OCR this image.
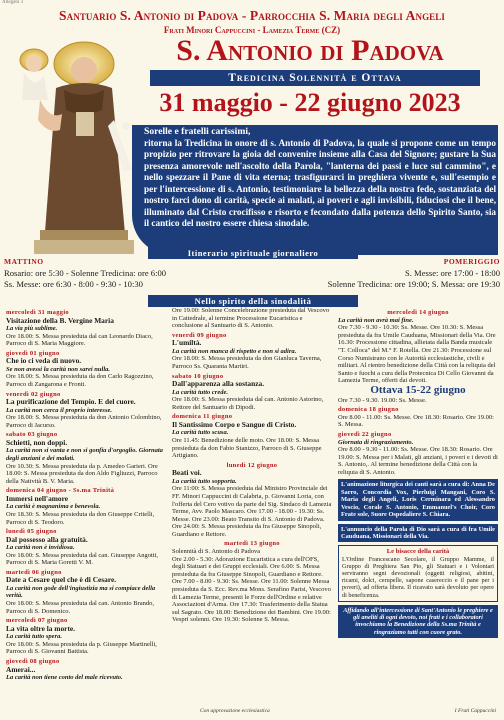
Allegato 3
Santuario S. Antonio di Padova - Parrocchia S. Maria degli Angeli
Frati Minori Cappuccini - Lamezia Terme (CZ)
S. Antonio di Padova
Tredicina Solennità e Ottava
31 maggio - 22 giugno 2023
Sorelle e fratelli carissimi,
ritorna la Tredicina in onore di s. Antonio di Padova, la quale si propone come un tempo propizio per ritrovare la gioia del convenire insieme alla Casa del Signore; gustare la Sua presenza amorevole nell'ascolto della Parola, "lanterna dei passi e luce sul cammino", e nello spezzare il Pane di vita eterna; trasfigurarci in preghiera vivente e, sull'esempio e per l'intercessione di s. Antonio, testimoniare la bellezza della nostra fede, sostanziata del nostro farci dono di carità, specie ai malati, ai poveri e agli invisibili, fiduciosi che il bene, illuminato dal Cristo crocifisso e risorto e fecondato dalla potenza dello Spirito Santo, sia il cantico del nostro essere chiesa sinodale.
Itinerario spirituale giornaliero
MATTINO	POMERIGGIO
Rosario: ore 5:30 - Solenne Tredicina: ore 6:00	S. Messe: ore 17:00 - 18:00
Ss. Messe: ore 6:30 - 8:00 - 9:30 - 10:30	Solenne Tredicina: ore 19:00; S. Messa: ore 19:30
Nello spirito della sinodalità
mercoledì 31 maggio
Visitazione della B. Vergine Maria
La via più sublime.
Ore 18.00: S. Messa presieduta dal can Leonardo Diaco, Parroco di S. Maria Maggiore.
giovedì 01 giugno
Che io ci veda di nuovo.
Se non avessi la carità non sarei nulla.
Ore 18.00: S. Messa presieduta da don Carlo Ragozzino, Parroco di Zangarona e Fronti.
venerdì 02 giugno
La purificazione del Tempio. E del cuore.
La carità non cerca il proprio interesse.
Ore 18.00: S. Messa presieduta da don Antonio Colombino, Parroco di Jacurso.
sabato 03 giugno
Schietti, non doppi.
La carità non si vanta e non si gonfia d'orgoglio. Giornata degli anziani e dei malati.
Ore 10.30: S. Messa presieduta da p. Amedeo Garieri. Ore 18.00: S. Messa presieduta da don Aldo Figliuzzi, Parroco della Natività B. V. Maria.
domenica 04 giugno - Ss.ma Trinità
Immersi nell'amore
La carità è magnanima e benevola.
Ore 18.30: S. Messa presieduta da don Giuseppe Critelli, Parroco di S. Teodoro.
lunedì 05 giugno
Dal possesso alla gratuità.
La carità non è invidiosa.
Ore 18.00: S. Messa presieduta dal can. Giuseppe Angotti, Parroco di S. Maria Goretti V. M.
martedì 06 giugno
Date a Cesare quel che è di Cesare.
La carità non gode dell'ingiustizia ma si compiace della verità.
Ore 18.00: S. Messa presieduta dal can. Antonio Brando, Parroco di S. Domenico.
mercoledì 07 giugno
La vita oltre la morte.
La carità tutto spera.
Ore 18.00: S. Messa presieduta da p. Giuseppe Martinelli, Parroco di S. Giovanni Battista.
giovedì 08 giugno
Amerai...
La carità non tiene conto del male ricevuto.
Ore 19.00: Solenne Concelebrazione presieduta dal Vescovo in Cattedrale, al termine Processione Eucaristica e conclusione al Santuario di S. Antonio.
venerdì 09 giugno
L'umiltà.
La carità non manca di rispetto e non si adira.
Ore 18.00: S. Messa presieduta da don Gianluca Taverna, Parroco Ss. Quaranta Martiri.
sabato 10 giugno
Dall'apparenza alla sostanza.
La carità tutto crede.
Ore 18.00: S. Messa presieduta dal can. Antonio Astorino, Rettore del Santuario di Dipodi.
domenica 11 giugno
Il Santissimo Corpo e Sangue di Cristo.
La carità tutto scusa.
Ore 11.45: Benedizione delle moto. Ore 18.00: S. Messa presieduta da don Fabio Stanizzo, Parroco di S. Giuseppe Artigiano.
lunedì 12 giugno
Beati voi.
La carità tutto sopporta.
Ore 11:00: S. Messa presieduta dal Ministro Provinciale dei FF. Minori Cappuccini di Calabria, p. Giovanni Loria, con l'offerta del Cero votivo da parte del Sig. Sindaco di Lamezia Terme, Avv. Paolo Mascaro. Ore 17.00 - 18.00 - 19.30: Ss. Messe. Ore 23.00: Beato Transito di S. Antonio di Padova. Ore 24.00: S. Messa presieduta da fra Giuseppe Sinopoli, Guardiano e Rettore.
martedì 13 giugno
Solennità di S. Antonio di Padova
Ore 2.00 - 5.30: Adorazione Eucaristica a cura dell'OFS, degli Statuari e dei Gruppi ecclesiali. Ore 6.00: S. Messa presieduta da fra Giuseppe Sinopoli, Guardiano e Rettore. Ore 7.00 - 8.00 - 9.30: Ss. Messe. Ore 11.00: Solenne Messa presieduta da S. Ecc. Rev.ma Mons. Serafino Parisi, Vescovo di Lamezia Terme, presenti le Forze dell'Ordine e relative Associazioni d'Arma. Ore 17.30: Trasferimento della Statua sul Sagrato. Ore 18.00: Benedizione dei Bambini. Ore 19.00: Vespri solenni. Ore 19.30: Solenne S. Messa.
mercoledì 14 giugno
La carità non avrà mai fine.
Ore 7.30 - 9.30 - 10.30: Ss. Messe. Ore 10.30: S. Messa presieduta da fra Umile Cauduana, Missionari della Via. Ore 16.30: Processione cittadina, allietata dalla Banda musicale "T. Colloca" del M.° F. Rotella. Ore 21.30: Processione sul Corso Numistrano con le Autorità ecclesiastiche, civili e militari. Al rientro benedizione della Città con la reliquia del Santo e fuochi a cura della Protecnica Di Cello Giovanni da Lamezia Terme, offerti dai devoti.
Ottava 15-22 giugno
Ore 7.30 - 9.30. 19.00: Ss. Messe.
domenica 18 giugno
Ore 8.00 - 11.00: Ss. Messe. Ore 18.30: Rosario. Ore 19.00: S. Messa.
giovedì 22 giugno
Giornata di ringraziamento.
Ore 8.00 - 9.30 - 11.00: Ss. Messe. Ore 18.30: Rosario. Ore 19.00: S. Messa per i Malati, gli anziani, i poveri e i devoti di S. Antonio,. Al termine benedizione della Città con la reliquia di S. Antonio.
L'animazione liturgica dei canti sarà a cura di: Anna De Sarro, Concordia Vox, Pierluigi Mangani, Coro S. Maria degli Angeli, Loris Cerminara ed Alessandro Vescio, Corale S. Antonio, Emmanuel's Choir, Coro Frate sole, Suore Ospedaliere S. Chiara.
L'annuncio della Parola di Dio sarà a cura di fra Umile Cauduana, Missionari della Via.
Le bisacce della carità
L'Ordine Francescano Secolare, il Gruppo Mamme, il Gruppo di Preghiera San Pio, gli Statuari e i Volontari serviranno segni devozionali (oggetti religiosi, abitini, ricami, dolci, cerupelle, sapone casereccio e il pane per i poveri), ad offerta libera. Il ricavato sarà devoluto per opere di beneficenza.
Affidando all'intercessione di Sant'Antonio le preghiere e gli aneliti di ogni devoto, noi frati e i collaboratori invochiamo la Benedizione della Ss.ma Trinità e ringraziamo tutti con cuore grato.
Con approvazione ecclesiastica	I Frati Cappuccini
